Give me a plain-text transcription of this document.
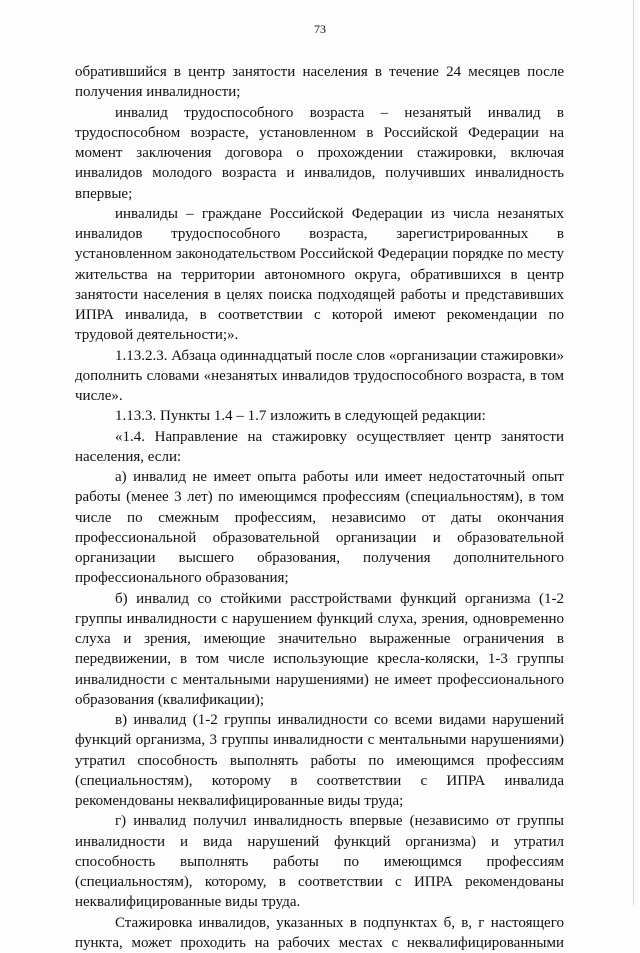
73

обратившийся в центр занятости населения в течение 24 месяцев после получения инвалидности;

инвалид трудоспособного возраста – незанятый инвалид в трудоспособном возрасте, установленном в Российской Федерации на момент заключения договора о прохождении стажировки, включая инвалидов молодого возраста и инвалидов, получивших инвалидность впервые;

инвалиды – граждане Российской Федерации из числа незанятых инвалидов трудоспособного возраста, зарегистрированных в установленном законодательством Российской Федерации порядке по месту жительства на территории автономного округа, обратившихся в центр занятости населения в целях поиска подходящей работы и представивших ИПРА инвалида, в соответствии с которой имеют рекомендации по трудовой деятельности;».

1.13.2.3. Абзаца одиннадцатый после слов «организации стажировки» дополнить словами «незанятых инвалидов трудоспособного возраста, в том числе».

1.13.3. Пункты 1.4 – 1.7 изложить в следующей редакции:

«1.4. Направление на стажировку осуществляет центр занятости населения, если:

а) инвалид не имеет опыта работы или имеет недостаточный опыт работы (менее 3 лет) по имеющимся профессиям (специальностям), в том числе по смежным профессиям, независимо от даты окончания профессиональной образовательной организации и образовательной организации высшего образования, получения дополнительного профессионального образования;

б) инвалид со стойкими расстройствами функций организма (1-2 группы инвалидности с нарушением функций слуха, зрения, одновременно слуха и зрения, имеющие значительно выраженные ограничения в передвижении, в том числе использующие кресла-коляски, 1-3 группы инвалидности с ментальными нарушениями) не имеет профессионального образования (квалификации);

в) инвалид (1-2 группы инвалидности со всеми видами нарушений функций организма, 3 группы инвалидности с ментальными нарушениями) утратил способность выполнять работы по имеющимся профессиям (специальностям), которому в соответствии с ИПРА инвалида рекомендованы неквалифицированные виды труда;

г) инвалид получил инвалидность впервые (независимо от группы инвалидности и вида нарушений функций организма) и утратил способность выполнять работы по имеющимся профессиям (специальностям), которому, в соответствии с ИПРА рекомендованы неквалифицированные виды труда.

Стажировка инвалидов, указанных в подпунктах б, в, г настоящего пункта, может проходить на рабочих местах с неквалифицированными
